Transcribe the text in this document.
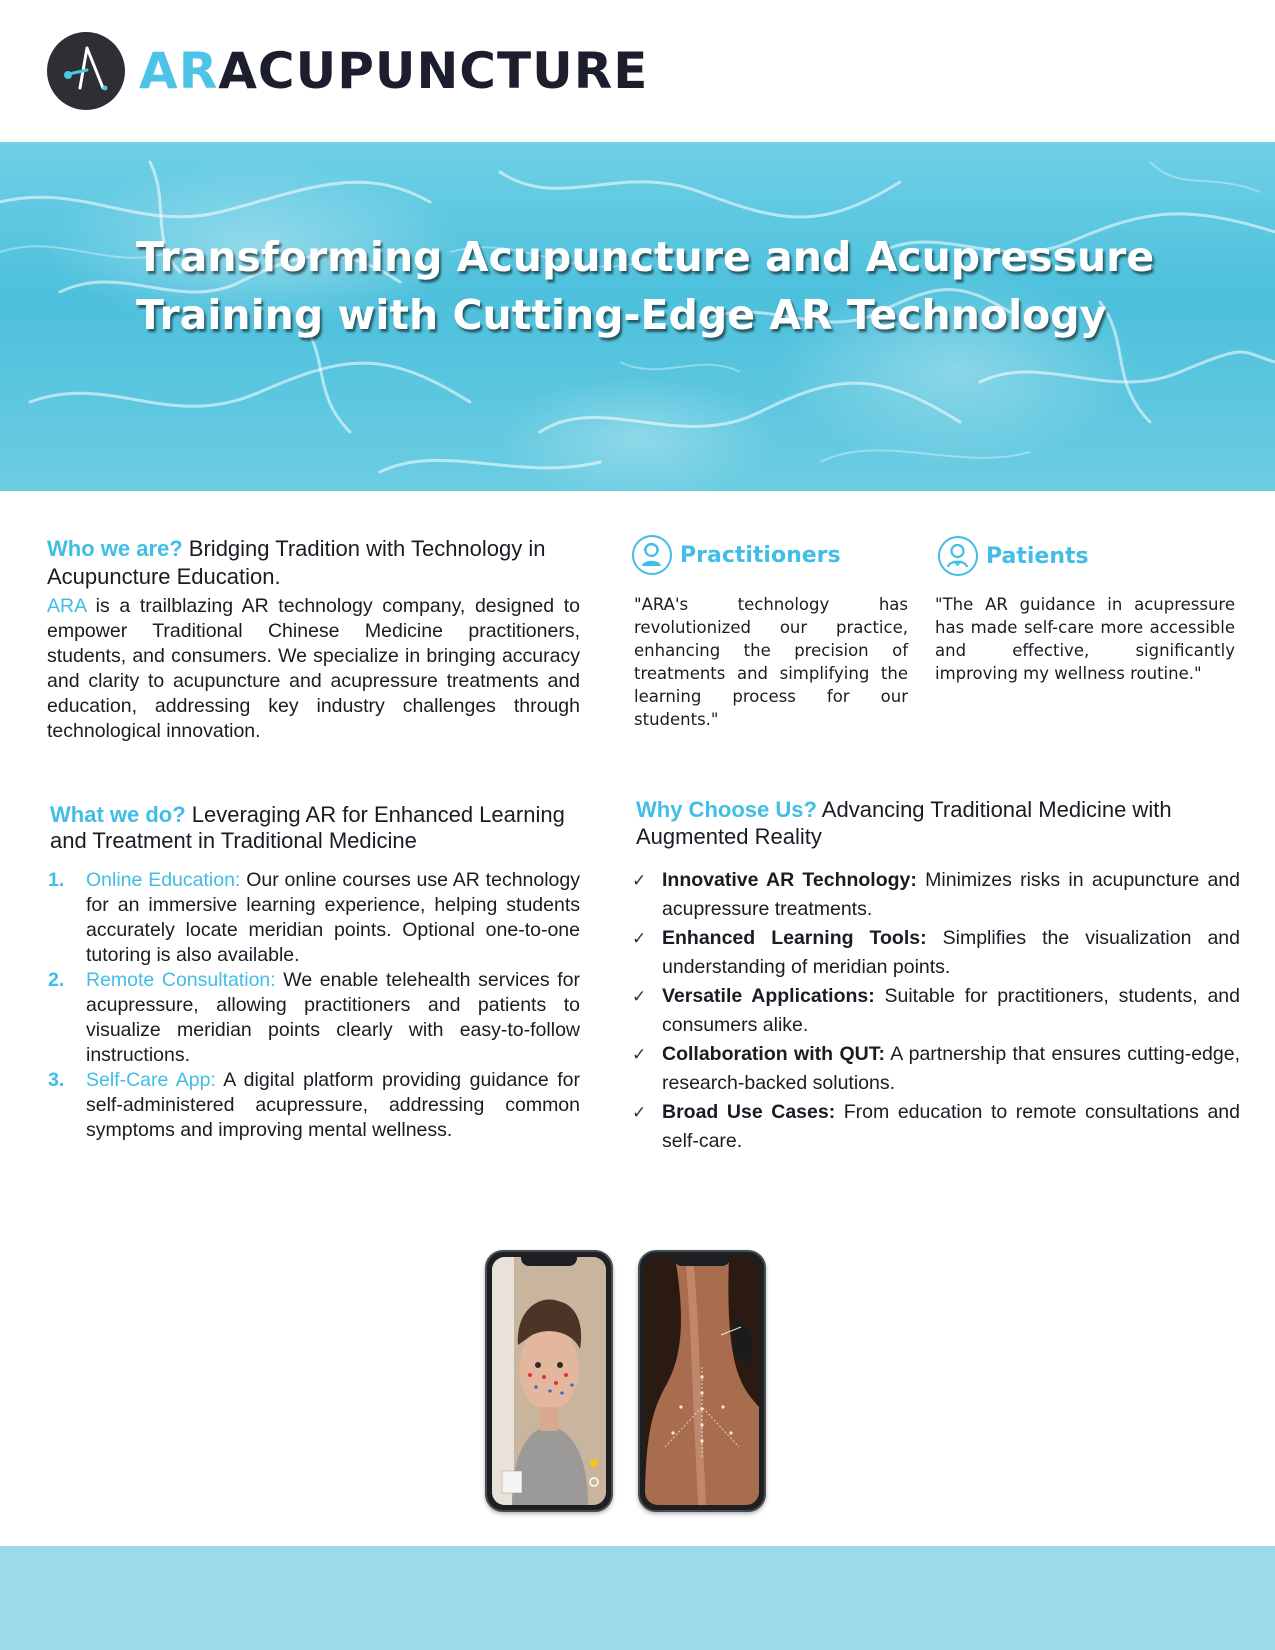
ARACUPUNCTURE
Transforming Acupuncture and Acupressure
Training with Cutting-Edge AR Technology
Who we are? Bridging Tradition with Technology in Acupuncture Education.
ARA is a trailblazing AR technology company, designed to empower Traditional Chinese Medicine practitioners, students, and consumers. We specialize in bringing accuracy and clarity to acupuncture and acupressure treatments and education, addressing key industry challenges through technological innovation.
Practitioners
"ARA's technology has revolutionized our practice, enhancing the precision of treatments and simplifying the learning process for our students."
Patients
"The AR guidance in acupressure has made self-care more accessible and effective, significantly improving my wellness routine."
What we do? Leveraging AR for Enhanced Learning and Treatment in Traditional Medicine
1. Online Education: Our online courses use AR technology for an immersive learning experience, helping students accurately locate meridian points. Optional one-to-one tutoring is also available.
2. Remote Consultation: We enable telehealth services for acupressure, allowing practitioners and patients to visualize meridian points clearly with easy-to-follow instructions.
3. Self-Care App: A digital platform providing guidance for self-administered acupressure, addressing common symptoms and improving mental wellness.
Why Choose Us? Advancing Traditional Medicine with Augmented Reality
✓ Innovative AR Technology: Minimizes risks in acupuncture and acupressure treatments.
✓ Enhanced Learning Tools: Simplifies the visualization and understanding of meridian points.
✓ Versatile Applications: Suitable for practitioners, students, and consumers alike.
✓ Collaboration with QUT: A partnership that ensures cutting-edge, research-backed solutions.
✓ Broad Use Cases: From education to remote consultations and self-care.
